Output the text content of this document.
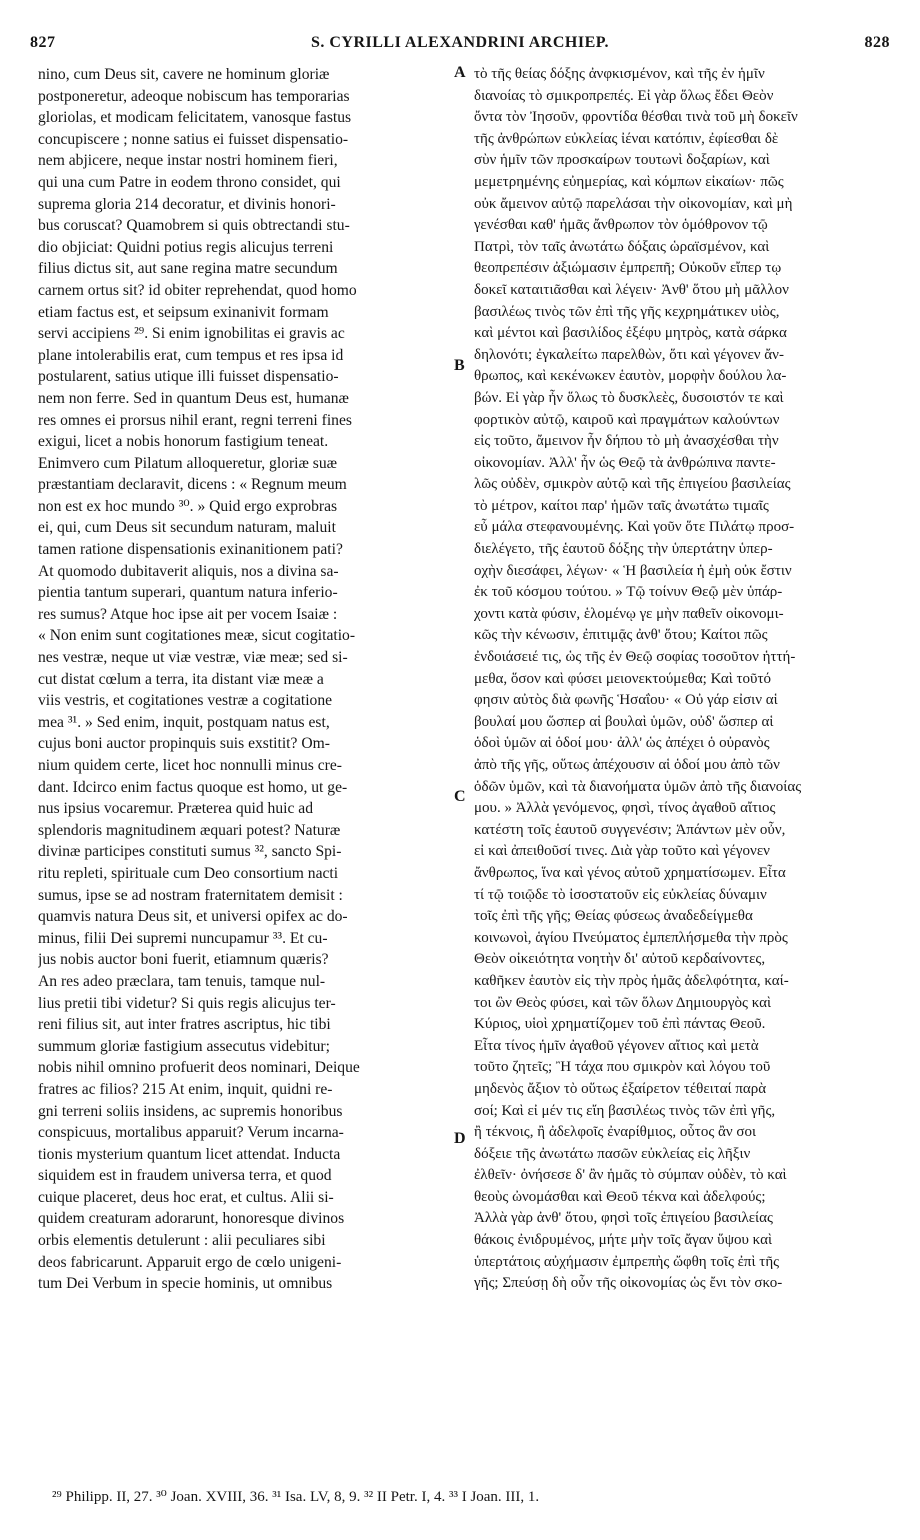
827	S. CYRILLI ALEXANDRINI ARCHIEP.	828
nino, cum Deus sit, cavere ne hominum gloriæ
postponeretur, adeoque nobiscum has temporarias
gloriolas, et modicam felicitatem, vanosque fastus
concupiscere ; nonne satius ei fuisset dispensatio-
nem abjicere, neque instar nostri hominem fieri,
qui una cum Patre in eodem throno considet, qui
suprema gloria 214 decoratur, et divinis honori-
bus coruscat? Quamobrem si quis obtrectandi stu-
dio objiciat: Quidni potius regis alicujus terreni
filius dictus sit, aut sane regina matre secundum
carnem ortus sit? id obiter reprehendat, quod homo
etiam factus est, et seipsum exinanivit formam
servi accipiens ²⁹. Si enim ignobilitas ei gravis ac
plane intolerabilis erat, cum tempus et res ipsa id
postularent, satius utique illi fuisset dispensatio-
nem non ferre. Sed in quantum Deus est, humanæ
res omnes ei prorsus nihil erant, regni terreni fines
exigui, licet a nobis honorum fastigium teneat.
Enimvero cum Pilatum alloqueretur, gloriæ suæ
præstantiam declaravit, dicens : « Regnum meum
non est ex hoc mundo ³⁰. » Quid ergo exprobras
ei, qui, cum Deus sit secundum naturam, maluit
tamen ratione dispensationis exinanitionem pati?
At quomodo dubitaverit aliquis, nos a divina sa-
pientia tantum superari, quantum natura inferio-
res sumus? Atque hoc ipse ait per vocem Isaiæ :
« Non enim sunt cogitationes meæ, sicut cogitatio-
nes vestræ, neque ut viæ vestræ, viæ meæ; sed si-
cut distat cœlum a terra, ita distant viæ meæ a
viis vestris, et cogitationes vestræ a cogitatione
mea ³¹. » Sed enim, inquit, postquam natus est,
cujus boni auctor propinquis suis exstitit? Om-
nium quidem certe, licet hoc nonnulli minus cre-
dant. Idcirco enim factus quoque est homo, ut ge-
nus ipsius vocaremur. Præterea quid huic ad
splendoris magnitudinem æquari potest? Naturæ
divinæ participes constituti sumus ³², sancto Spi-
ritu repleti, spirituale cum Deo consortium nacti
sumus, ipse se ad nostram fraternitatem demisit :
quamvis natura Deus sit, et universi opifex ac do-
minus, filii Dei supremi nuncupamur ³³. Et cu-
jus nobis auctor boni fuerit, etiamnum quæris?
An res adeo præclara, tam tenuis, tamque nul-
lius pretii tibi videtur? Si quis regis alicujus ter-
reni filius sit, aut inter fratres ascriptus, hic tibi
summum gloriæ fastigium assecutus videbitur;
nobis nihil omnino profuerit deos nominari, Deique
fratres ac filios? 215 At enim, inquit, quidni re-
gni terreni soliis insidens, ac supremis honoribus
conspicuus, mortalibus apparuit? Verum incarna-
tionis mysterium quantum licet attendat. Inducta
siquidem est in fraudem universa terra, et quod
cuique placeret, deus hoc erat, et cultus. Alii si-
quidem creaturam adorarunt, honoresque divinos
orbis elementis detulerunt : alii peculiares sibi
deos fabricarunt. Apparuit ergo de cœlo unigeni-
tum Dei Verbum in specie hominis, ut omnibus
τὸ τῆς θείας δόξης ἀνφκισμένον, καὶ τῆς ἐν ἡμῖν
διανοίας τὸ σμικροπρεπές. Εἰ γὰρ ὅλως ἔδει Θεὸν
ὄντα τὸν Ἰησοῦν, φροντίδα θέσθαι τινὰ τοῦ μὴ δοκεῖν
τῆς ἀνθρώπων εὐκλείας ἰέναι κατόπιν, ἐφίεσθαι δὲ
σὺν ἡμῖν τῶν προσκαίρων τουτωνὶ δοξαρίων, καὶ
μεμετρημένης εὐημερίας, καὶ κόμπων εἰκαίων· πῶς
οὐκ ἄμεινον αὐτῷ παρελάσαι τὴν οἰκονομίαν, καὶ μὴ
γενέσθαι καθ' ἡμᾶς ἄνθρωπον τὸν ὁμόθρονον τῷ
Πατρὶ, τὸν ταῖς ἀνωτάτω δόξαις ὡραϊσμένον, καὶ
θεοπρεπέσιν ἀξιώμασιν ἐμπρεπῆ; Οὐκοῦν εἴπερ τῳ
δοκεῖ καταιτιᾶσθαι καὶ λέγειν· Ἀνθ' ὅτου μὴ μᾶλλον
βασιλέως τινὸς τῶν ἐπὶ τῆς γῆς κεχρημάτικεν υἱὸς,
καὶ μέντοι καὶ βασιλίδος ἐξέφυ μητρὸς, κατὰ σάρκα
δηλονότι; ἐγκαλείτω παρελθὼν, ὅτι καὶ γέγονεν ἄν-
θρωπος, καὶ κεκένωκεν ἑαυτὸν, μορφὴν δούλου λα-
βών. Εἰ γὰρ ἦν ὅλως τὸ δυσκλεὲς, δυσοιστόν τε καὶ
φορτικὸν αὐτῷ, καιροῦ καὶ πραγμάτων καλούντων
εἰς τοῦτο, ἄμεινον ἦν δήπου τὸ μὴ ἀνασχέσθαι τὴν
οἰκονομίαν. Ἀλλ' ἦν ὡς Θεῷ τὰ ἀνθρώπινα παντε-
λῶς οὐδὲν, σμικρὸν αὐτῷ καὶ τῆς ἐπιγείου βασιλείας
τὸ μέτρον, καίτοι παρ' ἡμῶν ταῖς ἀνωτάτω τιμαῖς
εὖ μάλα στεφανουμένης. Καὶ γοῦν ὅτε Πιλάτῳ προσ-
διελέγετο, τῆς ἑαυτοῦ δόξης τὴν ὑπερτάτην ὑπερ-
οχὴν διεσάφει, λέγων· « Ἡ βασιλεία ἡ ἐμὴ οὐκ ἔστιν
ἐκ τοῦ κόσμου τούτου. » Τῷ τοίνυν Θεῷ μὲν ὑπάρ-
χοντι κατὰ φύσιν, ἑλομένῳ γε μὴν παθεῖν οἰκονομι-
κῶς τὴν κένωσιν, ἐπιτιμᾷς ἀνθ' ὅτου; Καίτοι πῶς
ἐνδοιάσειέ τις, ὡς τῆς ἐν Θεῷ σοφίας τοσοῦτον ἡττή-
μεθα, ὅσον καὶ φύσει μειονεκτούμεθα; Καὶ τοῦτό
φησιν αὐτὸς διὰ φωνῆς Ἡσαΐου· « Οὐ γάρ εἰσιν αἱ
βουλαί μου ὥσπερ αἱ βουλαὶ ὑμῶν, οὐδ' ὥσπερ αἱ
ὁδοὶ ὑμῶν αἱ ὁδοί μου· ἀλλ' ὡς ἀπέχει ὁ οὐρανὸς
ἀπὸ τῆς γῆς, οὕτως ἀπέχουσιν αἱ ὁδοί μου ἀπὸ τῶν
ὁδῶν ὑμῶν, καὶ τὰ διανοήματα ὑμῶν ἀπὸ τῆς διανοίας
μου. » Ἀλλὰ γενόμενος, φησὶ, τίνος ἀγαθοῦ αἴτιος
κατέστη τοῖς ἑαυτοῦ συγγενέσιν; Ἁπάντων μὲν οὖν,
εἰ καὶ ἀπειθοῦσί τινες. Διὰ γὰρ τοῦτο καὶ γέγονεν
ἄνθρωπος, ἵνα καὶ γένος αὐτοῦ χρηματίσωμεν. Εἶτα
τί τῷ τοιῷδε τὸ ἰσοστατοῦν εἰς εὐκλείας δύναμιν
τοῖς ἐπὶ τῆς γῆς; Θείας φύσεως ἀναδεδείγμεθα
κοινωνοὶ, ἁγίου Πνεύματος ἐμπεπλήσμεθα τὴν πρὸς
Θεὸν οἰκειότητα νοητὴν δι' αὐτοῦ κερδαίνοντες,
καθῆκεν ἑαυτὸν εἰς τὴν πρὸς ἡμᾶς ἀδελφότητα, καί-
τοι ὢν Θεὸς φύσει, καὶ τῶν ὅλων Δημιουργὸς καὶ
Κύριος, υἱοὶ χρηματίζομεν τοῦ ἐπὶ πάντας Θεοῦ.
Εἶτα τίνος ἡμῖν ἀγαθοῦ γέγονεν αἴτιος καὶ μετὰ
τοῦτο ζητεῖς; Ἢ τάχα που σμικρὸν καὶ λόγου τοῦ
μηδενὸς ἄξιον τὸ οὕτως ἐξαίρετον τέθειταί παρὰ
σοί; Καὶ εἰ μέν τις εἴη βασιλέως τινὸς τῶν ἐπὶ γῆς,
ἢ τέκνοις, ἢ ἀδελφοῖς ἐναρίθμιος, οὗτος ἂν σοι
δόξειε τῆς ἀνωτάτω πασῶν εὐκλείας εἰς λῆξιν
ἐλθεῖν· ὀνήσεσε δ' ἂν ἡμᾶς τὸ σύμπαν οὐδὲν, τὸ καὶ
θεοὺς ὠνομάσθαι καὶ Θεοῦ τέκνα καὶ ἀδελφούς;
Ἀλλὰ γὰρ ἀνθ' ὅτου, φησὶ τοῖς ἐπιγείου βασιλείας
θάκοις ἐνιδρυμένος, μήτε μὴν τοῖς ἄγαν ὕψου καὶ
ὑπερτάτοις αὐχήμασιν ἐμπρεπὴς ὤφθη τοῖς ἐπὶ τῆς
γῆς; Σπεύσῃ δὴ οὖν τῆς οἰκονομίας ὡς ἔνι τὸν σκο-
A
B
C
D
²⁹ Philipp. II, 27. ³⁰ Joan. XVIII, 36. ³¹ Isa. LV, 8, 9. ³² II Petr. I, 4. ³³ I Joan. III, 1.
